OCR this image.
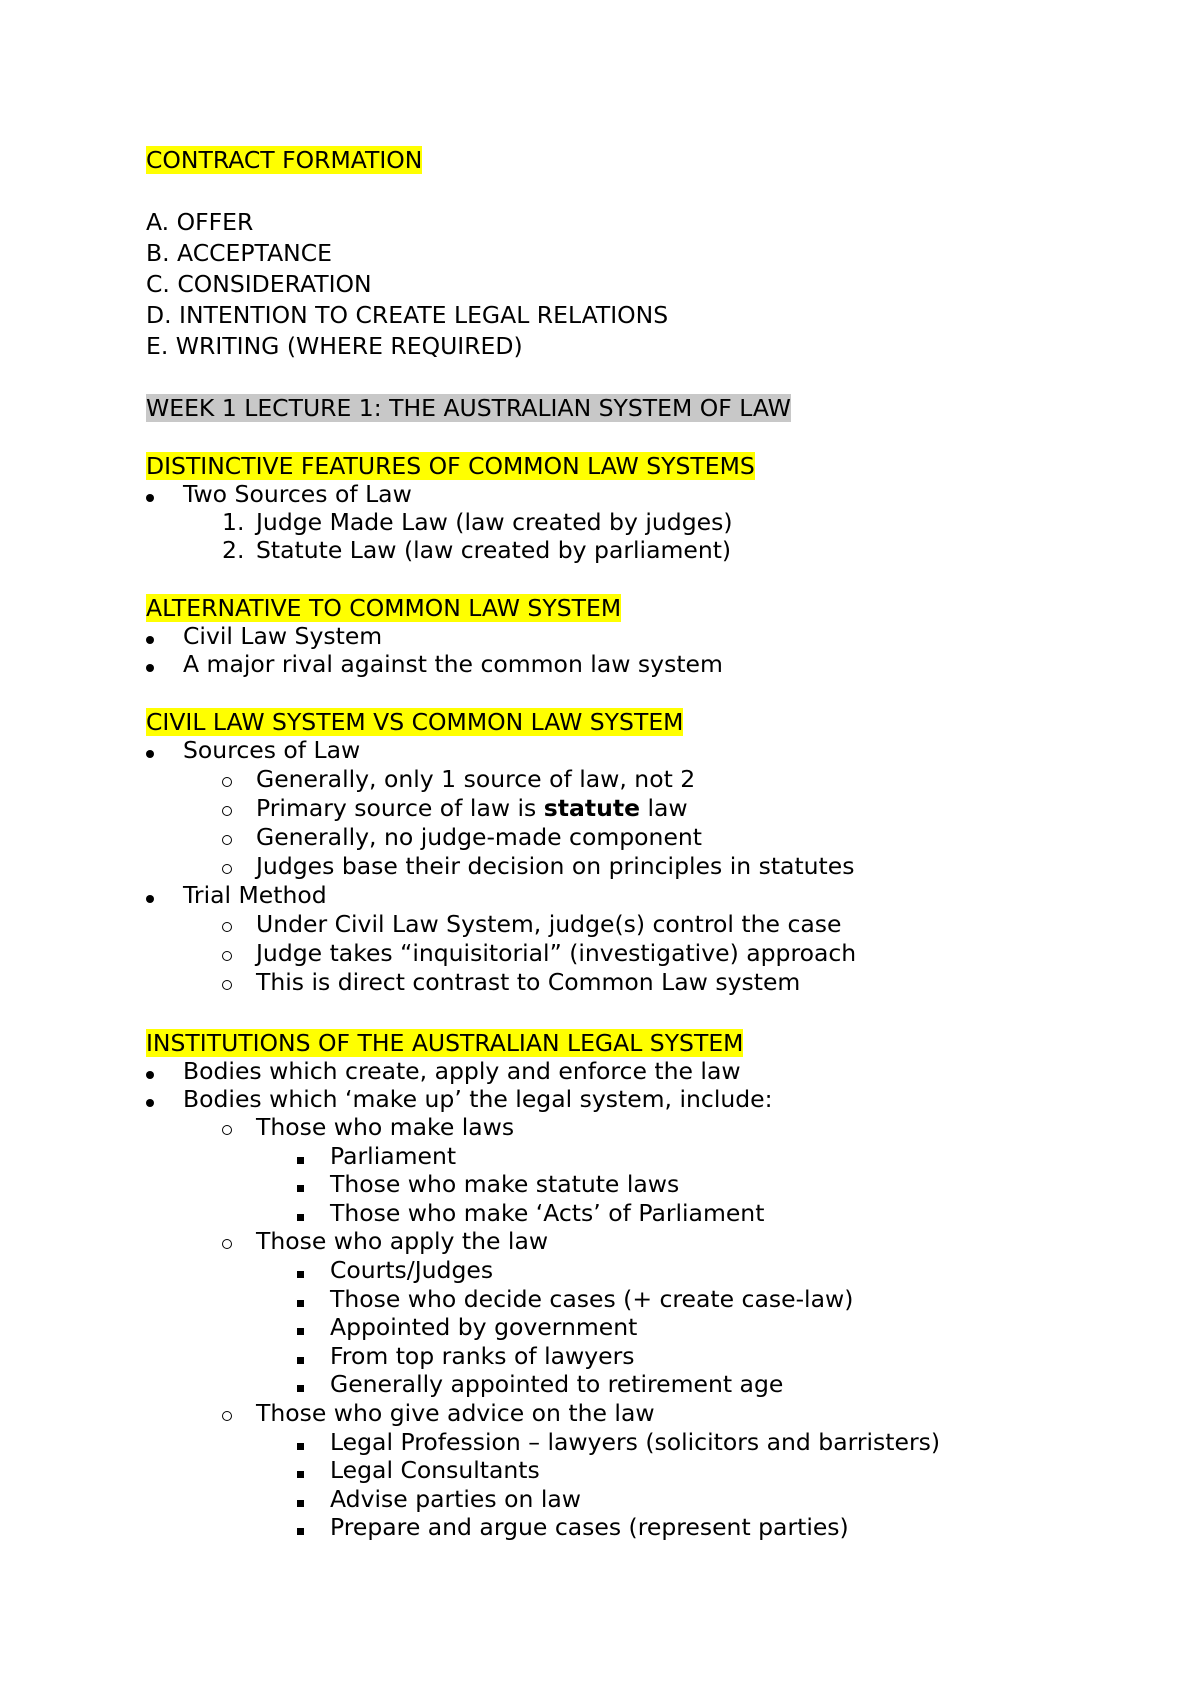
CONTRACT FORMATION
A. OFFER
B. ACCEPTANCE
C. CONSIDERATION
D. INTENTION TO CREATE LEGAL RELATIONS
E. WRITING (WHERE REQUIRED)
WEEK 1 LECTURE 1: THE AUSTRALIAN SYSTEM OF LAW
DISTINCTIVE FEATURES OF COMMON LAW SYSTEMS
Two Sources of Law
1. Judge Made Law (law created by judges)
2. Statute Law (law created by parliament)
ALTERNATIVE TO COMMON LAW SYSTEM
Civil Law System
A major rival against the common law system
CIVIL LAW SYSTEM VS COMMON LAW SYSTEM
Sources of Law
Generally, only 1 source of law, not 2
Primary source of law is statute law
Generally, no judge-made component
Judges base their decision on principles in statutes
Trial Method
Under Civil Law System, judge(s) control the case
Judge takes “inquisitorial” (investigative) approach
This is direct contrast to Common Law system
INSTITUTIONS OF THE AUSTRALIAN LEGAL SYSTEM
Bodies which create, apply and enforce the law
Bodies which ‘make up’ the legal system, include:
Those who make laws
Parliament
Those who make statute laws
Those who make ‘Acts’ of Parliament
Those who apply the law
Courts/Judges
Those who decide cases (+ create case-law)
Appointed by government
From top ranks of lawyers
Generally appointed to retirement age
Those who give advice on the law
Legal Profession – lawyers (solicitors and barristers)
Legal Consultants
Advise parties on law
Prepare and argue cases (represent parties)
